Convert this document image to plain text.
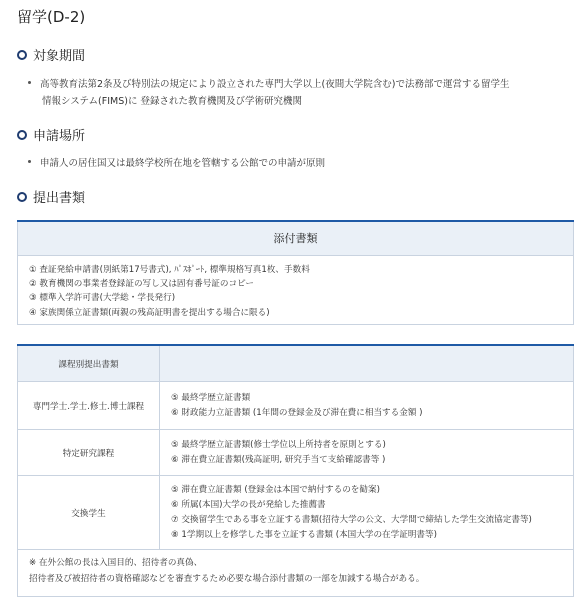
留学(D-2)
対象期間
高等教育法第2条及び特別法の規定により設立された専門大学以上(夜間大学院含む)で法務部で運営する留学生
情報システム(FIMS)に 登録された教育機関及び学術研究機関
申請場所
申請人の居住国又は最終学校所在地を管轄する公館での申請が原則
提出書類
添付書類
① 査証発給申請書(別紙第17号書式), ﾊﾟｽﾎﾟｰﾄ, 標準規格写真1枚、手数料
② 教育機関の事業者登録証の写し又は固有番号証のコピー
③ 標準入学許可書(大学総・学長発行)
④ 家族関係立証書類(両親の残高証明書を提出する場合に限る)
課程別提出書類	
専門学士.学士.修士.博士課程	⑤ 最終学歴立証書類
⑥ 財政能力立証書類 (1年間の登録金及び滞在費に相当する金額 )

特定研究課程	⑤ 最終学歴立証書類(修士学位以上所持者を原則とする)
⑥ 滞在費立証書類(残高証明, 研究手当て支給確認書等 )

交換学生	⑤ 滞在費立証書類 (登録金は本国で納付するのを勧案)
⑥ 所属(本国)大学の長が発給した推薦書
⑦ 交換留学生である事を立証する書類(招待大学の公文、大学間で締結した学生交流協定書等)
⑧ 1学期以上を修学した事を立証する書類 (本国大学の在学証明書等)

※ 在外公館の長は入国目的、招待者の真偽、
招待者及び被招待者の資格確認などを審査するため必要な場合添付書類の一部を加減する場合がある。	
